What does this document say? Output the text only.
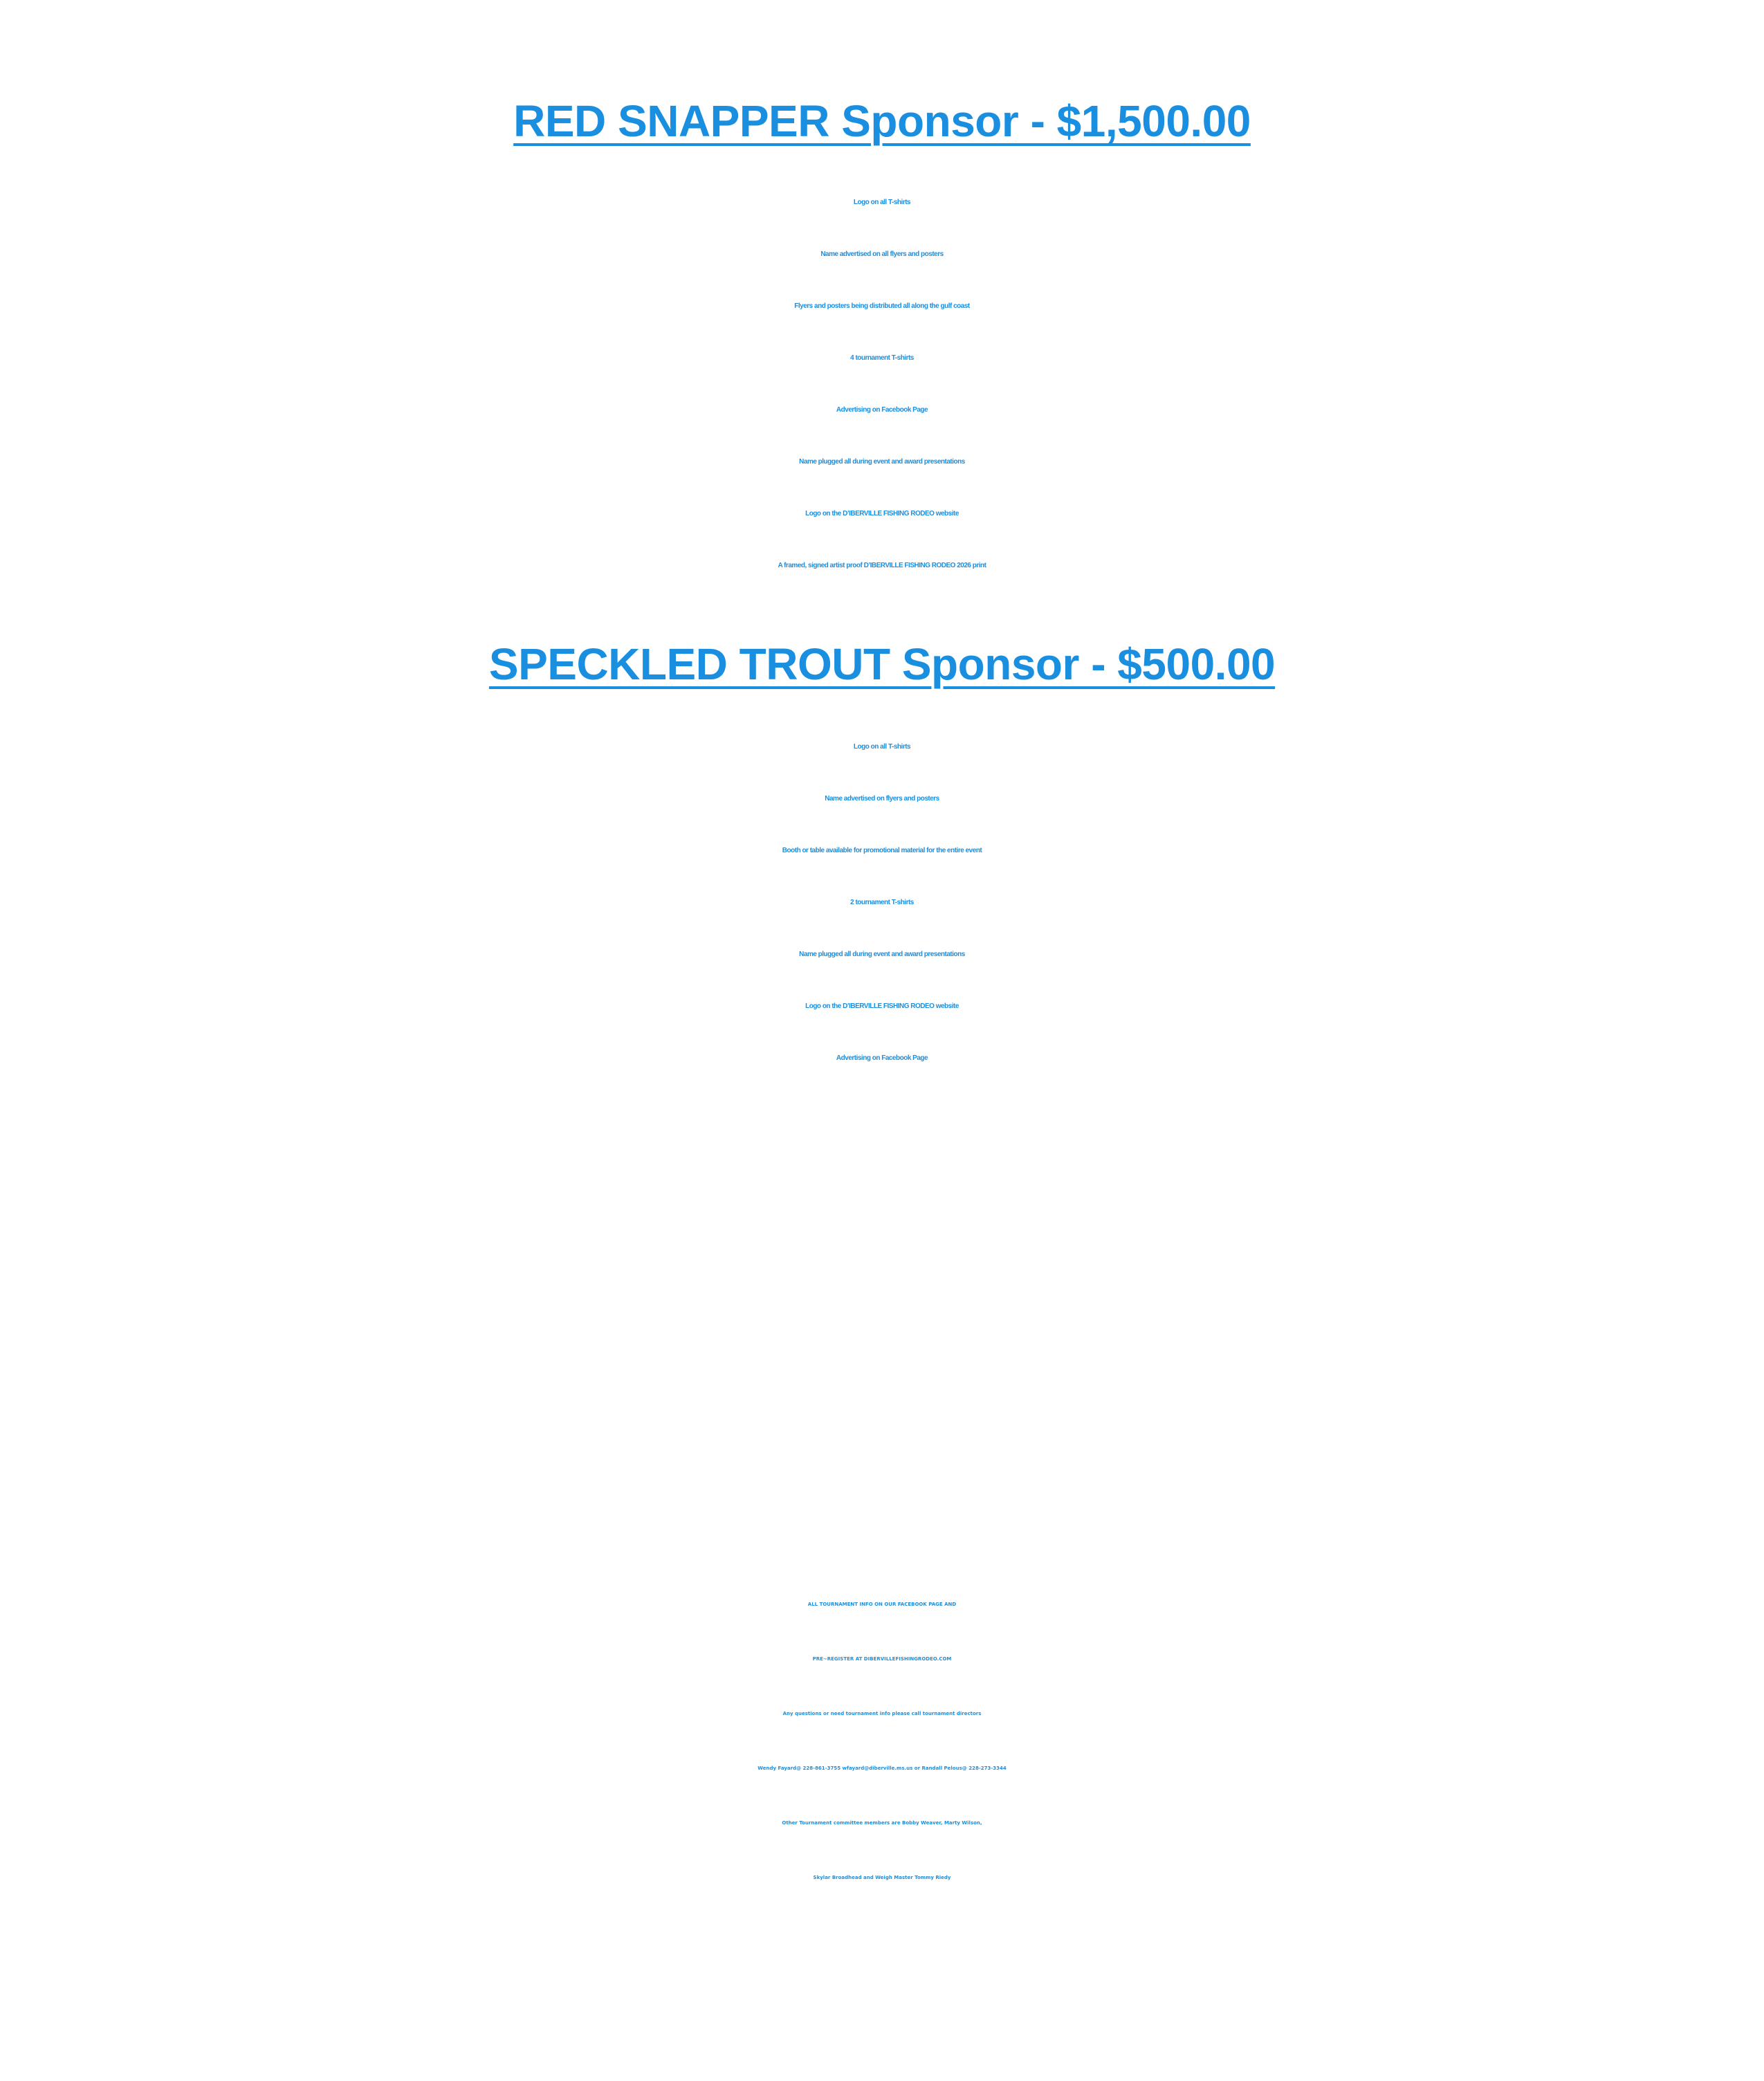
RED SNAPPER Sponsor - $1,500.00
Logo on all T-shirts
Name advertised on all flyers and posters
Flyers and posters being distributed all along the gulf coast
4 tournament T-shirts
Advertising on Facebook Page
Name plugged all during event and award presentations
Logo on the D’IBERVILLE FISHING RODEO website
A framed, signed artist proof D’IBERVILLE FISHING RODEO 2026 print
SPECKLED TROUT Sponsor - $500.00
Logo on all T-shirts
Name advertised on flyers and posters
Booth or table available for promotional material for the entire event
2 tournament T-shirts
Name plugged all during event and award presentations
Logo on the D’IBERVILLE FISHING RODEO website
Advertising on Facebook Page
ALL TOURNAMENT INFO ON OUR FACEBOOK PAGE AND
PRE~REGISTER AT DIBERVILLEFISHINGRODEO.COM
Any questions or need tournament info please call tournament directors
Wendy Fayard@ 228-861-3755 wfayard@diberville.ms.us or Randall Pelous@ 228-273-3344
Other Tournament committee members are Bobby Weaver, Marty Wilson,
Skylar Broadhead and Weigh Master Tommy Riedy
